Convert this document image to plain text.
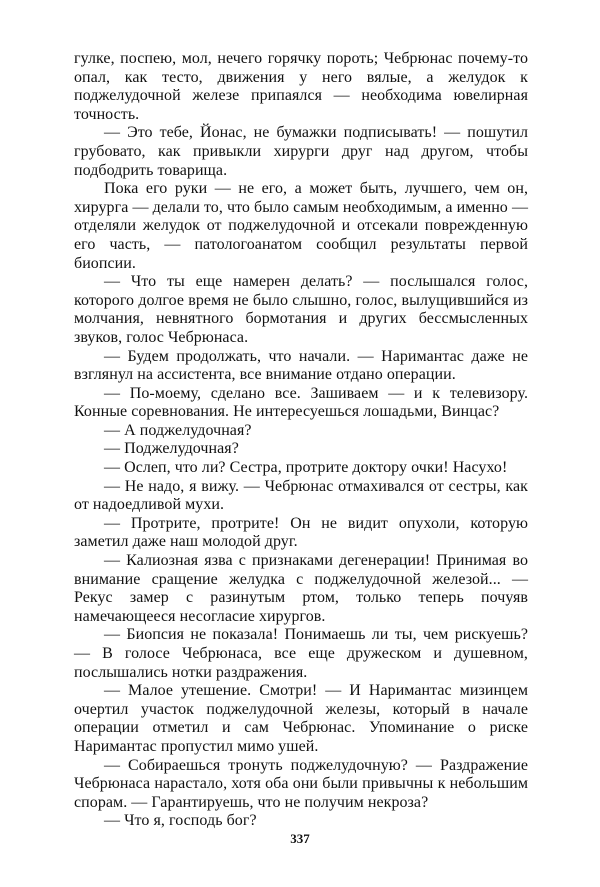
гулке, поспею, мол, нечего горячку пороть; Чебрюнас почему-то опал, как тесто, движения у него вялые, а желудок к поджелудочной железе припаялся — необходима ювелирная точность.

— Это тебе, Йонас, не бумажки подписывать! — пошутил грубовато, как привыкли хирурги друг над другом, чтобы подбодрить товарища.

Пока его руки — не его, а может быть, лучшего, чем он, хирурга — делали то, что было самым необходимым, а именно — отделяли желудок от поджелудочной и отсекали поврежденную его часть, — патологоанатом сообщил результаты первой биопсии.

— Что ты еще намерен делать? — послышался голос, которого долгое время не было слышно, голос, вылущившийся из молчания, невнятного бормотания и других бессмысленных звуков, голос Чебрюнаса.

— Будем продолжать, что начали. — Наримантас даже не взглянул на ассистента, все внимание отдано операции.

— По-моему, сделано все. Зашиваем — и к телевизору. Конные соревнования. Не интересуешься лошадьми, Винцас?

— А поджелудочная?

— Поджелудочная?

— Ослеп, что ли? Сестра, протрите доктору очки! Насухо!

— Не надо, я вижу. — Чебрюнас отмахивался от сестры, как от надоедливой мухи.

— Протрите, протрите! Он не видит опухоли, которую заметил даже наш молодой друг.

— Калиозная язва с признаками дегенерации! Принимая во внимание сращение желудка с поджелудочной железой... — Рекус замер с разинутым ртом, только теперь почуяв намечающееся несогласие хирургов.

— Биопсия не показала! Понимаешь ли ты, чем рискуешь? — В голосе Чебрюнаса, все еще дружеском и душевном, послышались нотки раздражения.

— Малое утешение. Смотри! — И Наримантас мизинцем очертил участок поджелудочной железы, который в начале операции отметил и сам Чебрюнас. Упоминание о риске Наримантас пропустил мимо ушей.

— Собираешься тронуть поджелудочную? — Раздражение Чебрюнаса нарастало, хотя оба они были привычны к небольшим спорам. — Гарантируешь, что не получим некроза?

— Что я, господь бог?

337
